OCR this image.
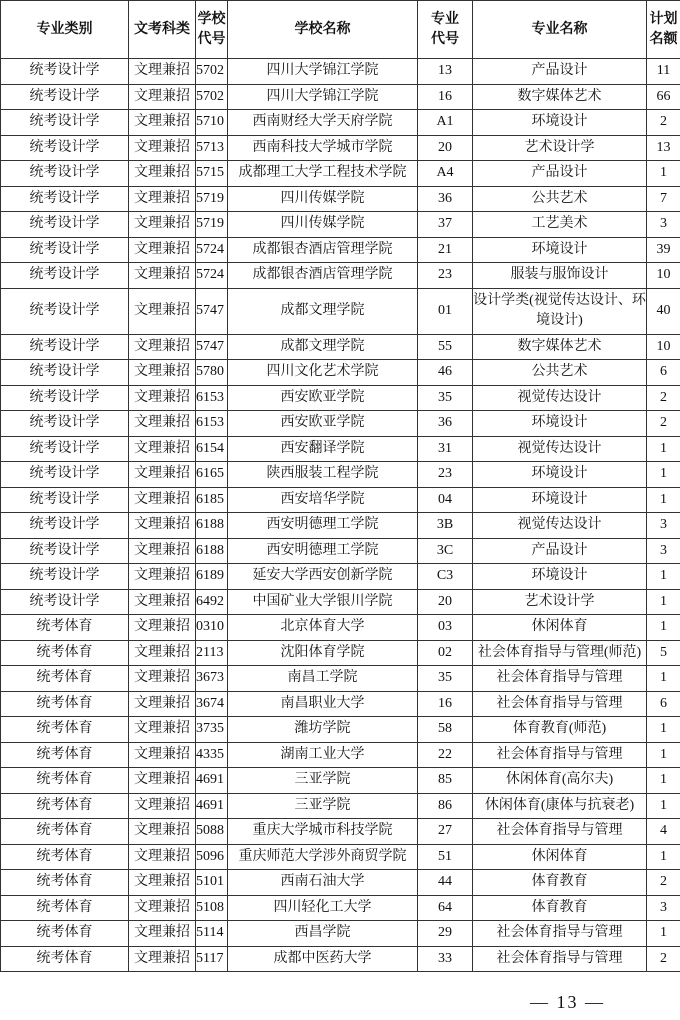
专业类别	文考科类	学校代号	学校名称	专业代号	专业名称	计划名额
统考设计学	文理兼招	5702	四川大学锦江学院	13	产品设计	11
统考设计学	文理兼招	5702	四川大学锦江学院	16	数字媒体艺术	66
统考设计学	文理兼招	5710	西南财经大学天府学院	A1	环境设计	2
统考设计学	文理兼招	5713	西南科技大学城市学院	20	艺术设计学	13
统考设计学	文理兼招	5715	成都理工大学工程技术学院	A4	产品设计	1
统考设计学	文理兼招	5719	四川传媒学院	36	公共艺术	7
统考设计学	文理兼招	5719	四川传媒学院	37	工艺美术	3
统考设计学	文理兼招	5724	成都银杏酒店管理学院	21	环境设计	39
统考设计学	文理兼招	5724	成都银杏酒店管理学院	23	服装与服饰设计	10
统考设计学	文理兼招	5747	成都文理学院	01	设计学类(视觉传达设计、环境设计)	40
统考设计学	文理兼招	5747	成都文理学院	55	数字媒体艺术	10
统考设计学	文理兼招	5780	四川文化艺术学院	46	公共艺术	6
统考设计学	文理兼招	6153	西安欧亚学院	35	视觉传达设计	2
统考设计学	文理兼招	6153	西安欧亚学院	36	环境设计	2
统考设计学	文理兼招	6154	西安翻译学院	31	视觉传达设计	1
统考设计学	文理兼招	6165	陕西服装工程学院	23	环境设计	1
统考设计学	文理兼招	6185	西安培华学院	04	环境设计	1
统考设计学	文理兼招	6188	西安明德理工学院	3B	视觉传达设计	3
统考设计学	文理兼招	6188	西安明德理工学院	3C	产品设计	3
统考设计学	文理兼招	6189	延安大学西安创新学院	C3	环境设计	1
统考设计学	文理兼招	6492	中国矿业大学银川学院	20	艺术设计学	1
统考体育	文理兼招	0310	北京体育大学	03	休闲体育	1
统考体育	文理兼招	2113	沈阳体育学院	02	社会体育指导与管理(师范)	5
统考体育	文理兼招	3673	南昌工学院	35	社会体育指导与管理	1
统考体育	文理兼招	3674	南昌职业大学	16	社会体育指导与管理	6
统考体育	文理兼招	3735	潍坊学院	58	体育教育(师范)	1
统考体育	文理兼招	4335	湖南工业大学	22	社会体育指导与管理	1
统考体育	文理兼招	4691	三亚学院	85	休闲体育(高尔夫)	1
统考体育	文理兼招	4691	三亚学院	86	休闲体育(康体与抗衰老)	1
统考体育	文理兼招	5088	重庆大学城市科技学院	27	社会体育指导与管理	4
统考体育	文理兼招	5096	重庆师范大学涉外商贸学院	51	休闲体育	1
统考体育	文理兼招	5101	西南石油大学	44	体育教育	2
统考体育	文理兼招	5108	四川轻化工大学	64	体育教育	3
统考体育	文理兼招	5114	西昌学院	29	社会体育指导与管理	1
统考体育	文理兼招	5117	成都中医药大学	33	社会体育指导与管理	2
— 13 —
